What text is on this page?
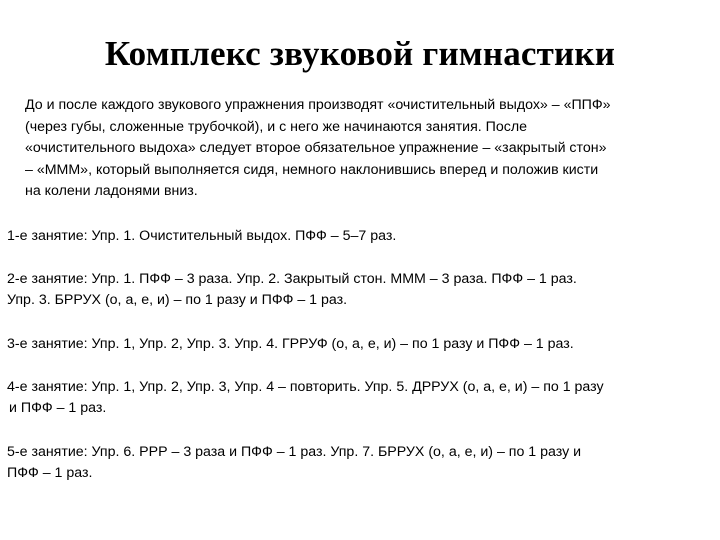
Комплекс звуковой гимнастики
До и после каждого звукового упражнения производят «очистительный выдох» – «ППФ»
(через губы, сложенные трубочкой), и с него же начинаются занятия. После
«очистительного выдоха» следует второе обязательное упражнение – «закрытый стон»
– «МММ», который выполняется сидя, немного наклонившись вперед и положив кисти
на колени ладонями вниз.
1-е занятие: Упр. 1. Очистительный выдох. ПФФ – 5–7 раз.
2-е занятие: Упр. 1. ПФФ – 3 раза. Упр. 2. Закрытый стон. МММ – 3 раза. ПФФ – 1 раз.
Упр. 3. БРРУХ (о, а, е, и) – по 1 разу и ПФФ – 1 раз.
3-е занятие: Упр. 1, Упр. 2, Упр. 3. Упр. 4. ГРРУФ (о, а, е, и) – по 1 разу и ПФФ – 1 раз.
4-е занятие: Упр. 1, Упр. 2, Упр. 3, Упр. 4 – повторить. Упр. 5. ДРРУХ (о, а, е, и) – по 1 разу
и ПФФ – 1 раз.
5-е занятие: Упр. 6. РРР – 3 раза и ПФФ – 1 раз. Упр. 7. БРРУХ (о, а, е, и) – по 1 разу и
ПФФ – 1 раз.
